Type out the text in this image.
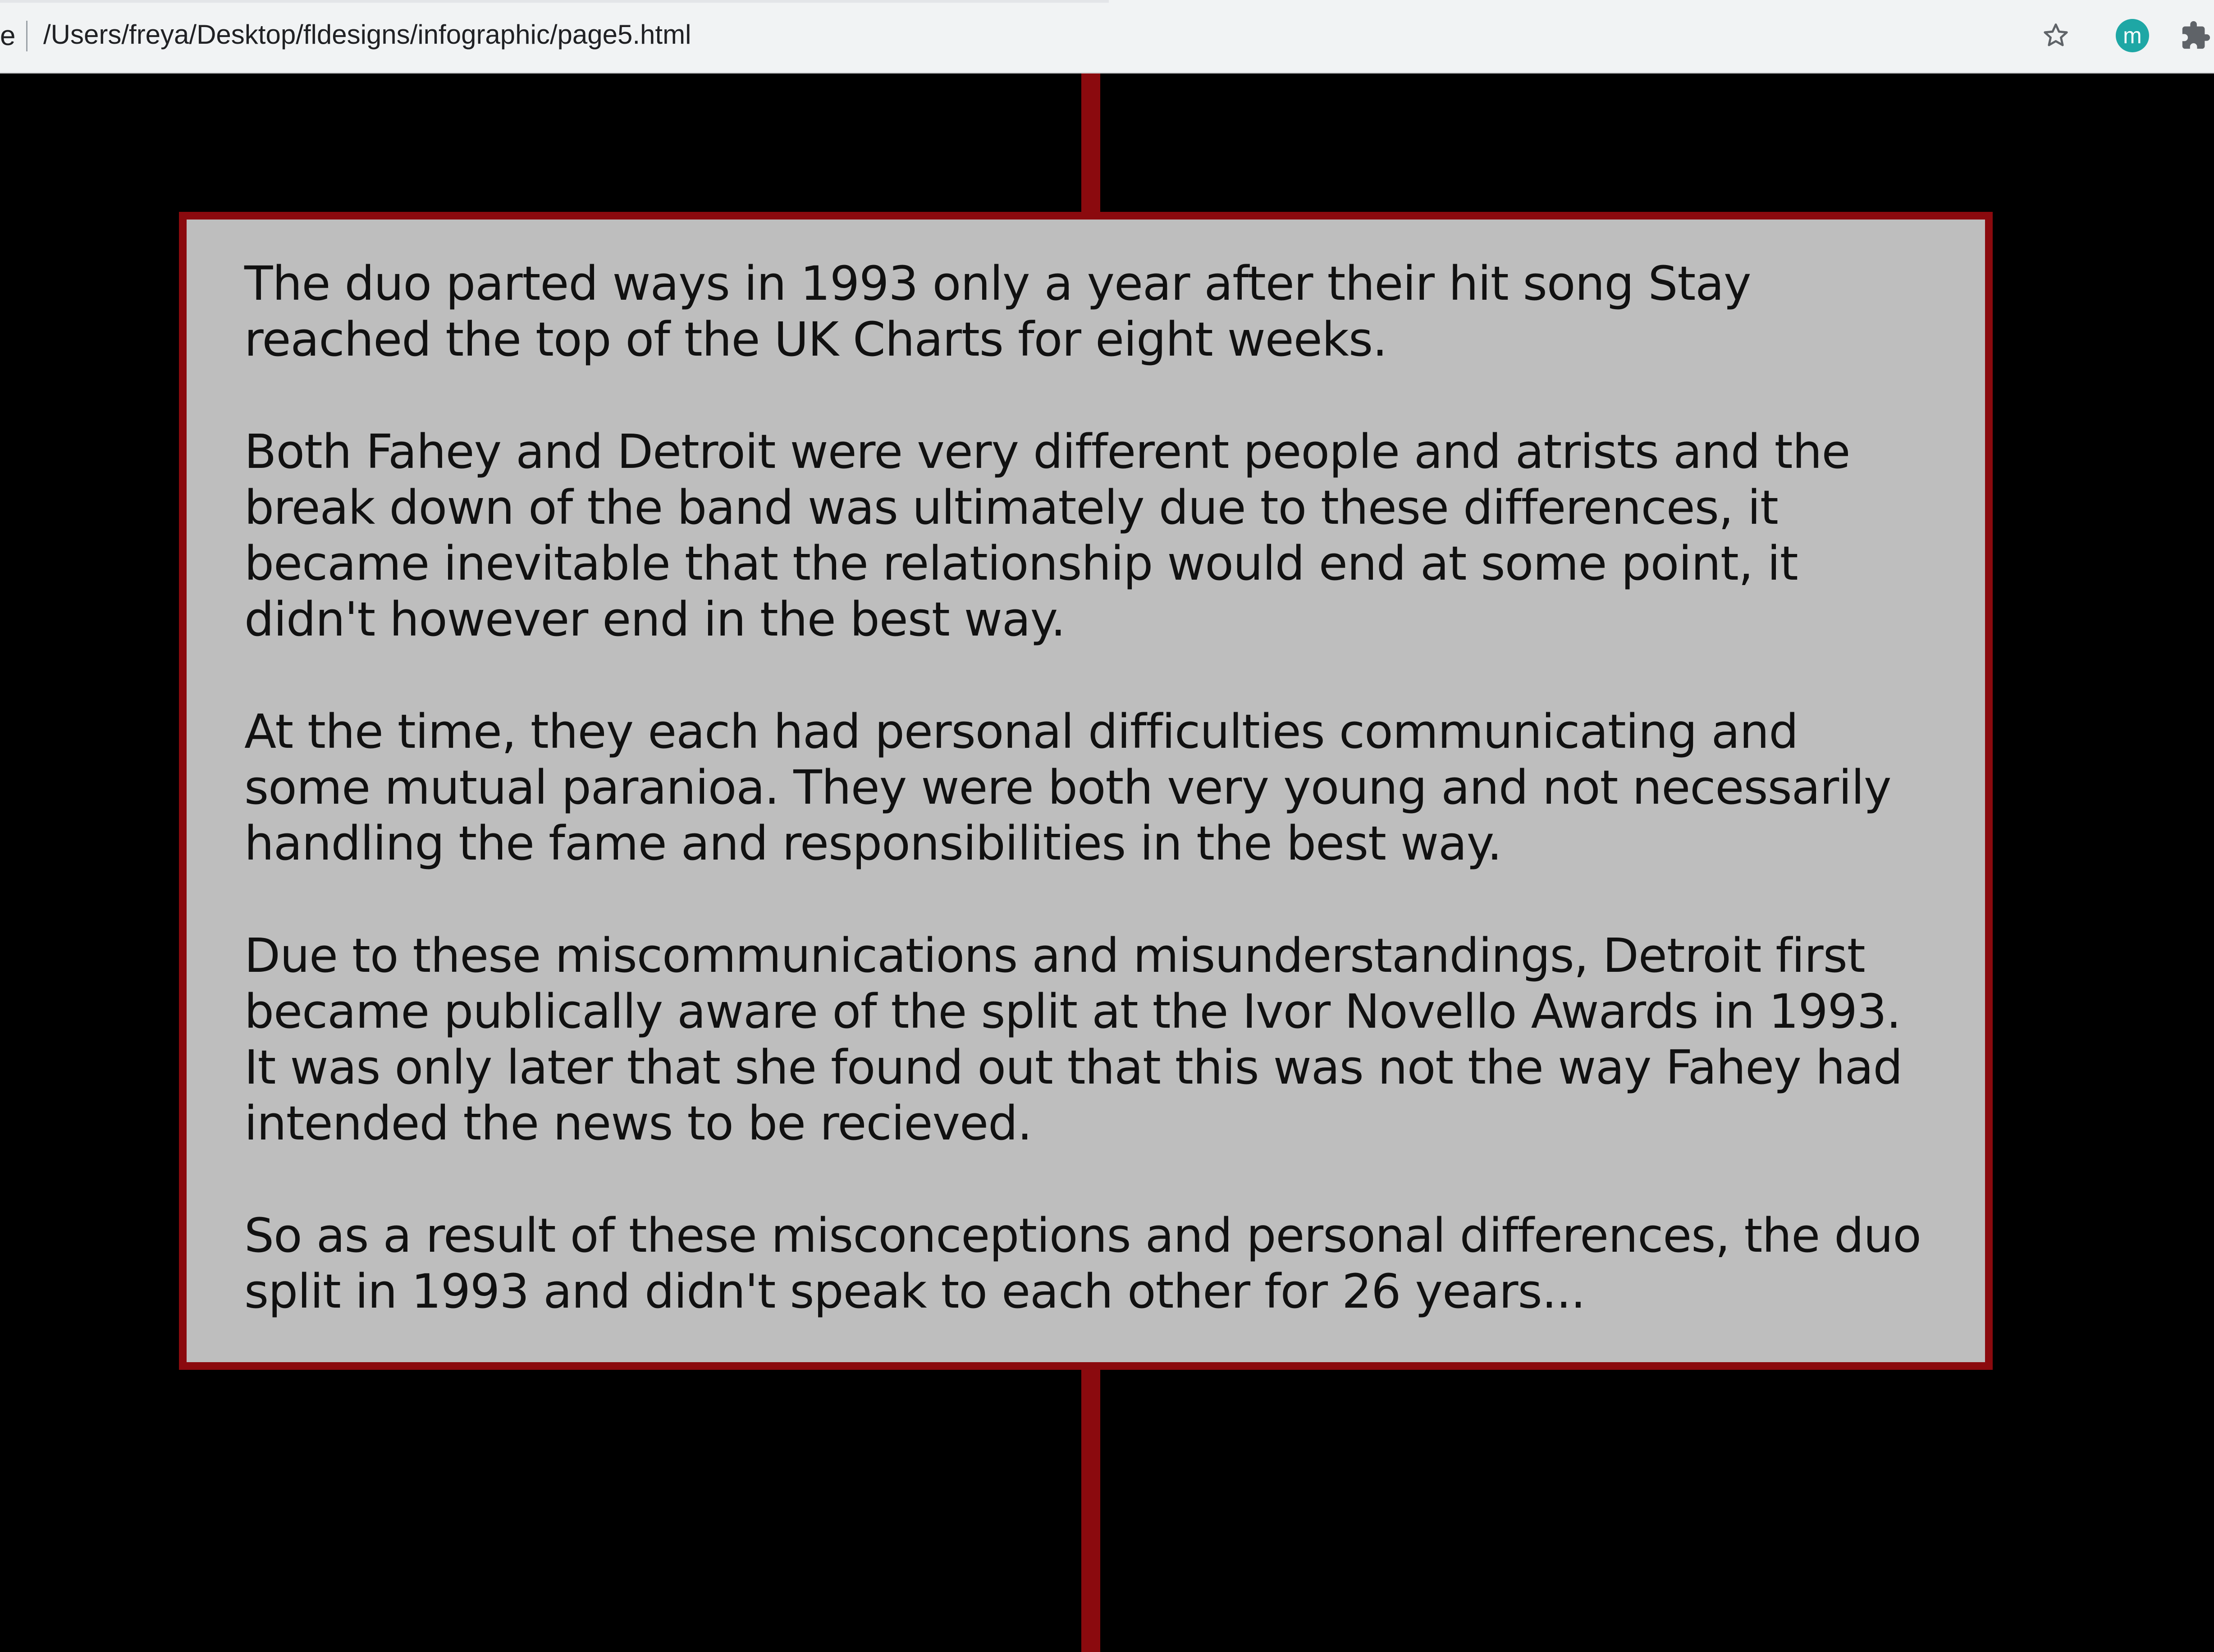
e /Users/freya/Desktop/fldesigns/infographic/page5.html	m

The duo parted ways in 1993 only a year after their hit song Stay reached the top of the UK Charts for eight weeks.

Both Fahey and Detroit were very different people and atrists and the break down of the band was ultimately due to these differences, it became inevitable that the relationship would end at some point, it didn't however end in the best way.

At the time, they each had personal difficulties communicating and some mutual paranioa. They were both very young and not necessarily handling the fame and responsibilities in the best way.

Due to these miscommunications and misunderstandings, Detroit first became publically aware of the split at the Ivor Novello Awards in 1993. It was only later that she found out that this was not the way Fahey had intended the news to be recieved.

So as a result of these misconceptions and personal differences, the duo split in 1993 and didn't speak to each other for 26 years...
